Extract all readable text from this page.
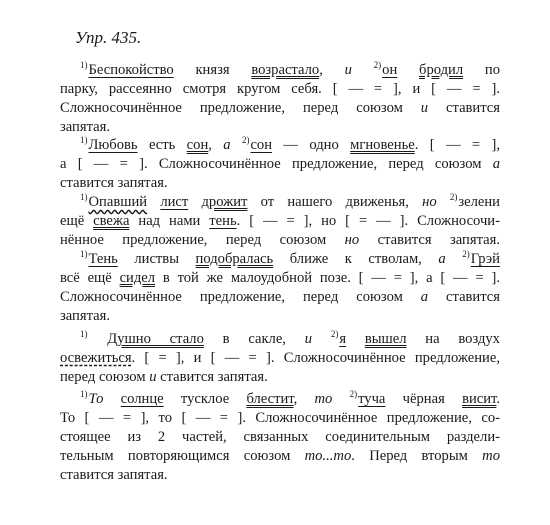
Упр. 435.
$^{1)}$Беспокойство князя возрастало, и $^{2)}$он бродил по
парку, рассеянно смотря кругом себя. [ — = ], и [ — = ].
Сложносочинённое предложение, перед союзом и ставится
запятая.
$^{1)}$Любовь есть сон, а $^{2)}$сон — одно мгновенье. [ — = ],
а [ — = ]. Сложносочинённое предложение, перед союзом а
ставится запятая.
$^{1)}$Опавший лист дрожит от нашего движенья, но $^{2)}$зелени
ещё свежа над нами тень. [ — = ], но [ = — ]. Сложносочи-
нённое предложение, перед союзом но ставится запятая.
$^{1)}$Тень листвы подобралась ближе к стволам, а $^{2)}$Грэй
всё ещё сидел в той же малоудобной позе. [ — = ], а [ — = ].
Сложносочинённое предложение, перед союзом а ставится
запятая.
$^{1)}$ Душно стало в сакле, и $^{2)}$я вышел на воздух
освежиться. [ = ], и [ — = ]. Сложносочинённое предложение,
перед союзом и ставится запятая.
$^{1)}$То солнце тусклое блестит, то $^{2)}$туча чёрная висит.
То [ — = ], то [ — = ]. Сложносочинённое предложение, со-
стоящее из 2 частей, связанных соединительным раздели-
тельным повторяющимся союзом то...то. Перед вторым то
ставится запятая.
